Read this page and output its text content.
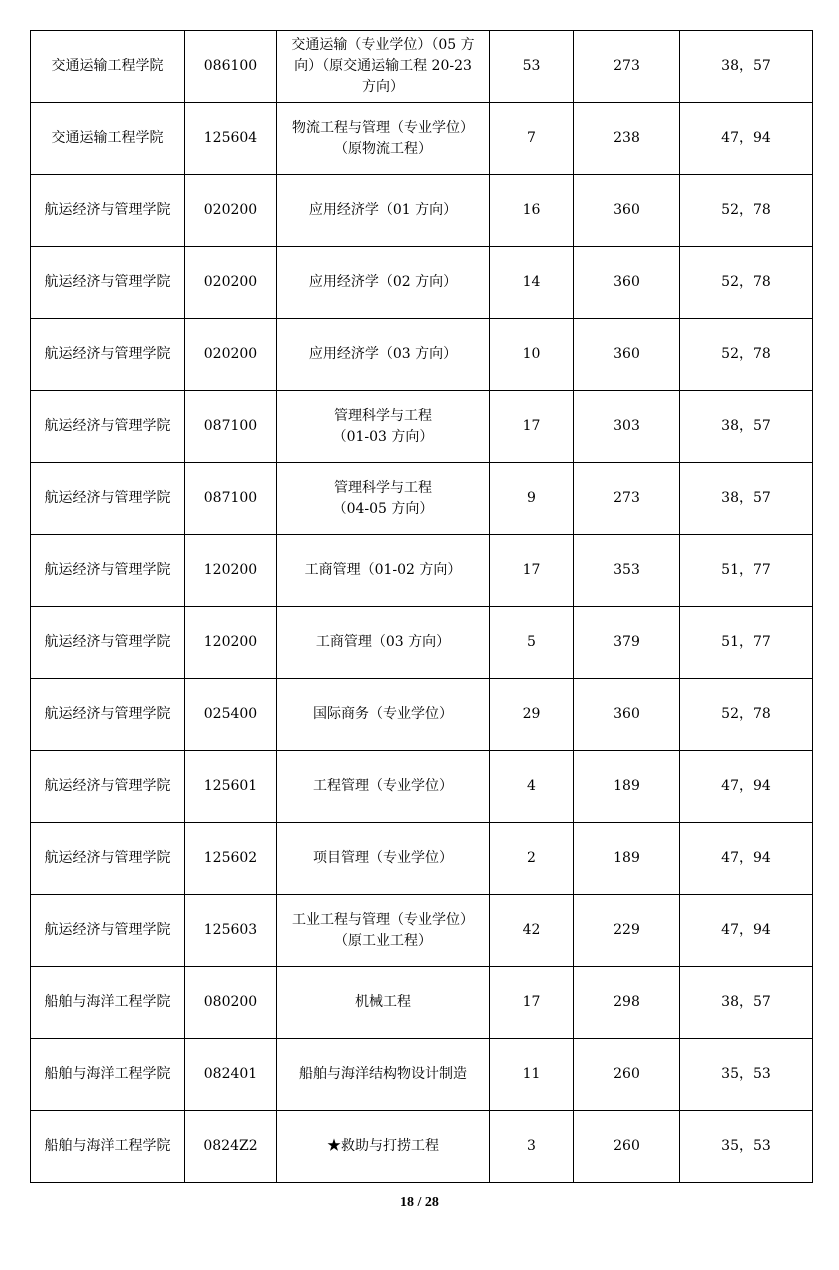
交通运输工程学院	086100	交通运输（专业学位）（05 方
向）（原交通运输工程 20-23
方向）	53	273	38，57
交通运输工程学院	125604	物流工程与管理（专业学位）
（原物流工程）	7	238	47，94
航运经济与管理学院	020200	应用经济学（01 方向）	16	360	52，78
航运经济与管理学院	020200	应用经济学（02 方向）	14	360	52，78
航运经济与管理学院	020200	应用经济学（03 方向）	10	360	52，78
航运经济与管理学院	087100	管理科学与工程
（01-03 方向）	17	303	38，57
航运经济与管理学院	087100	管理科学与工程
（04-05 方向）	9	273	38，57
航运经济与管理学院	120200	工商管理（01-02 方向）	17	353	51，77
航运经济与管理学院	120200	工商管理（03 方向）	5	379	51，77
航运经济与管理学院	025400	国际商务（专业学位）	29	360	52，78
航运经济与管理学院	125601	工程管理（专业学位）	4	189	47，94
航运经济与管理学院	125602	项目管理（专业学位）	2	189	47，94
航运经济与管理学院	125603	工业工程与管理（专业学位）
（原工业工程）	42	229	47，94
船舶与海洋工程学院	080200	机械工程	17	298	38，57
船舶与海洋工程学院	082401	船舶与海洋结构物设计制造	11	260	35，53
船舶与海洋工程学院	0824Z2	★救助与打捞工程	3	260	35，53
18 / 28
